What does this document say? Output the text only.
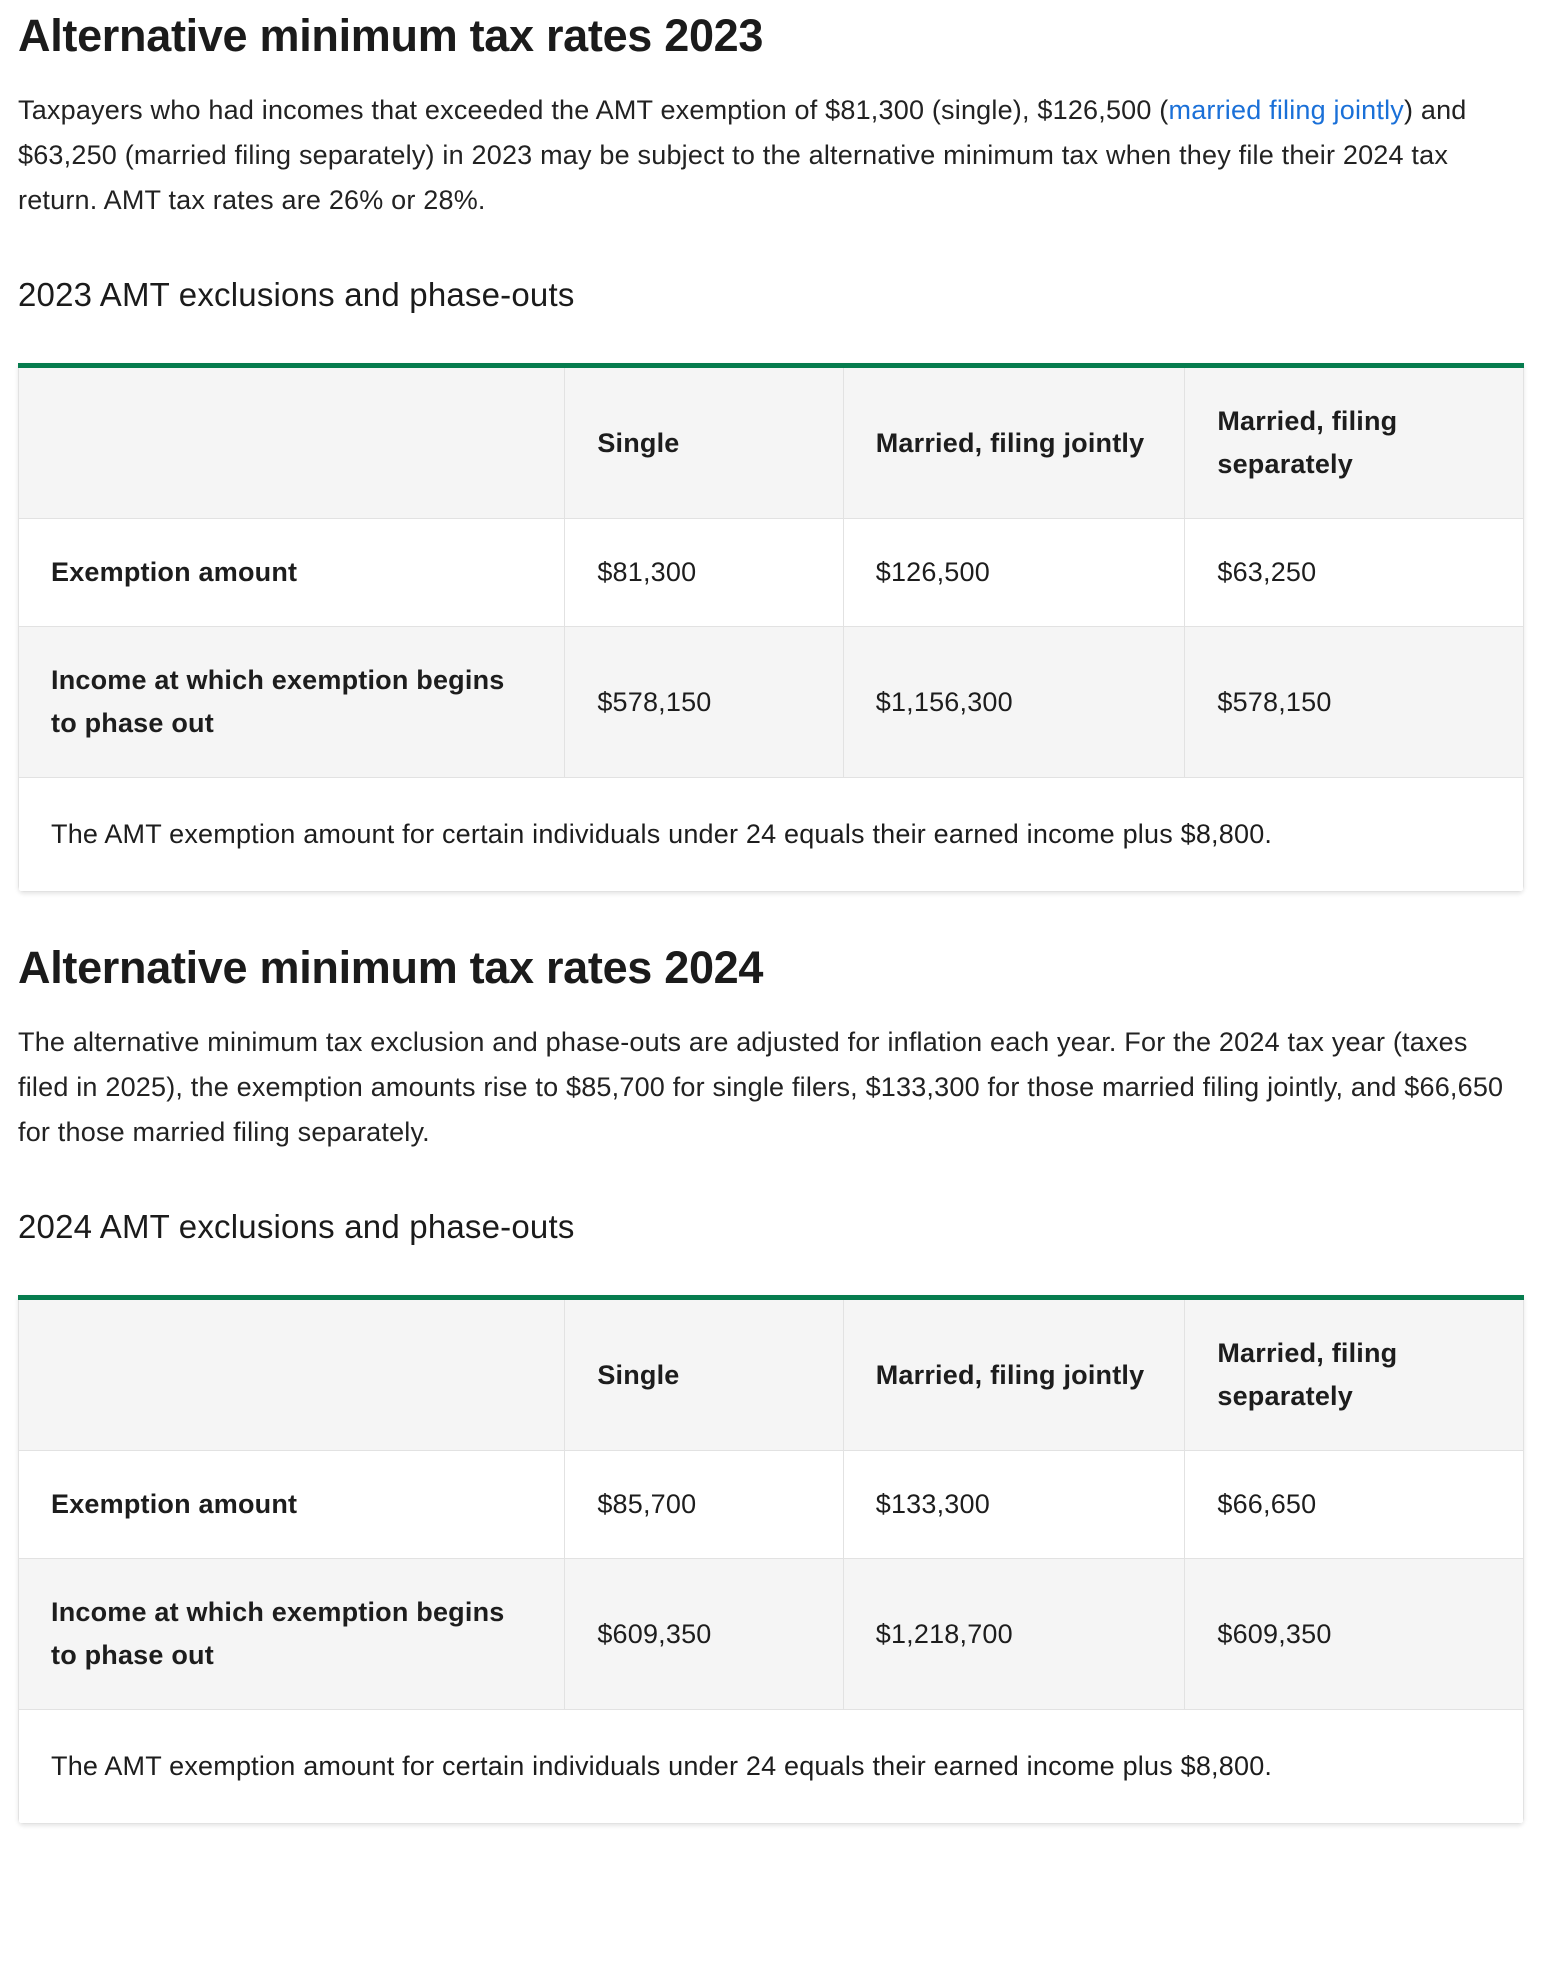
Alternative minimum tax rates 2023

Taxpayers who had incomes that exceeded the AMT exemption of $81,300 (single), $126,500 (married filing jointly) and $63,250 (married filing separately) in 2023 may be subject to the alternative minimum tax when they file their 2024 tax return. AMT tax rates are 26% or 28%.

2023 AMT exclusions and phase-outs
	Single	Married, filing jointly	Married, filing separately
Exemption amount	$81,300	$126,500	$63,250
Income at which exemption begins to phase out	$578,150	$1,156,300	$578,150
The AMT exemption amount for certain individuals under 24 equals their earned income plus $8,800.			
Alternative minimum tax rates 2024

The alternative minimum tax exclusion and phase-outs are adjusted for inflation each year. For the 2024 tax year (taxes filed in 2025), the exemption amounts rise to $85,700 for single filers, $133,300 for those married filing jointly, and $66,650 for those married filing separately.

2024 AMT exclusions and phase-outs
	Single	Married, filing jointly	Married, filing separately
Exemption amount	$85,700	$133,300	$66,650
Income at which exemption begins to phase out	$609,350	$1,218,700	$609,350
The AMT exemption amount for certain individuals under 24 equals their earned income plus $8,800.			
